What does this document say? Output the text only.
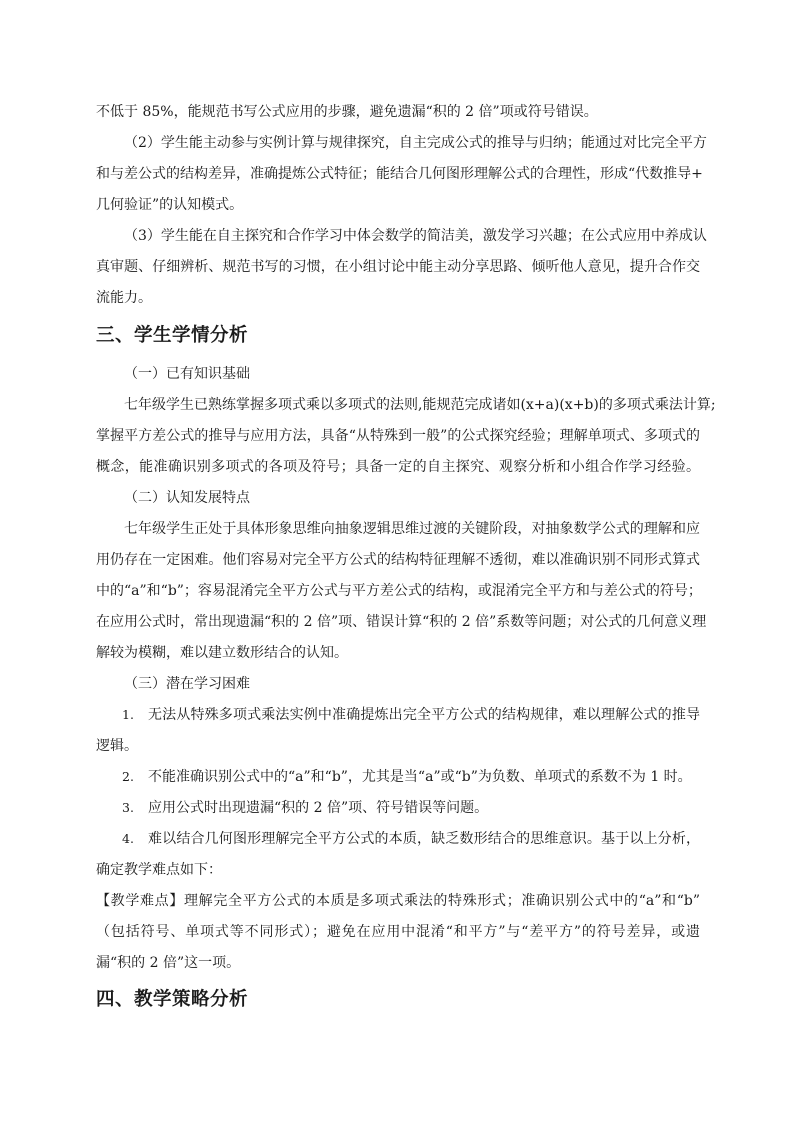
不低于 85%，能规范书写公式应用的步骤，避免遗漏“积的 2 倍”项或符号错误。
（2）学生能主动参与实例计算与规律探究，自主完成公式的推导与归纳；能通过对比完全平方
和与差公式的结构差异，准确提炼公式特征；能结合几何图形理解公式的合理性，形成“代数推导+
几何验证”的认知模式。
（3）学生能在自主探究和合作学习中体会数学的简洁美，激发学习兴趣；在公式应用中养成认
真审题、仔细辨析、规范书写的习惯，在小组讨论中能主动分享思路、倾听他人意见，提升合作交
流能力。
三、学生学情分析
（一）已有知识基础
七年级学生已熟练掌握多项式乘以多项式的法则,能规范完成诸如(x+a)(x+b)的多项式乘法计算;
掌握平方差公式的推导与应用方法，具备“从特殊到一般”的公式探究经验；理解单项式、多项式的
概念，能准确识别多项式的各项及符号；具备一定的自主探究、观察分析和小组合作学习经验。
（二）认知发展特点
七年级学生正处于具体形象思维向抽象逻辑思维过渡的关键阶段，对抽象数学公式的理解和应
用仍存在一定困难。他们容易对完全平方公式的结构特征理解不透彻，难以准确识别不同形式算式
中的“a”和“b”；容易混淆完全平方公式与平方差公式的结构，或混淆完全平方和与差公式的符号；
在应用公式时，常出现遗漏“积的 2 倍”项、错误计算“积的 2 倍”系数等问题；对公式的几何意义理
解较为模糊，难以建立数形结合的认知。
（三）潜在学习困难
1. 无法从特殊多项式乘法实例中准确提炼出完全平方公式的结构规律，难以理解公式的推导
逻辑。
2. 不能准确识别公式中的“a”和“b”，尤其是当“a”或“b”为负数、单项式的系数不为 1 时。
3. 应用公式时出现遗漏“积的 2 倍”项、符号错误等问题。
4. 难以结合几何图形理解完全平方公式的本质，缺乏数形结合的思维意识。基于以上分析，
确定教学难点如下：
【教学难点】理解完全平方公式的本质是多项式乘法的特殊形式；准确识别公式中的“a”和“b”
（包括符号、单项式等不同形式）；避免在应用中混淆“和平方”与“差平方”的符号差异，或遗
漏“积的 2 倍”这一项。
四、教学策略分析
